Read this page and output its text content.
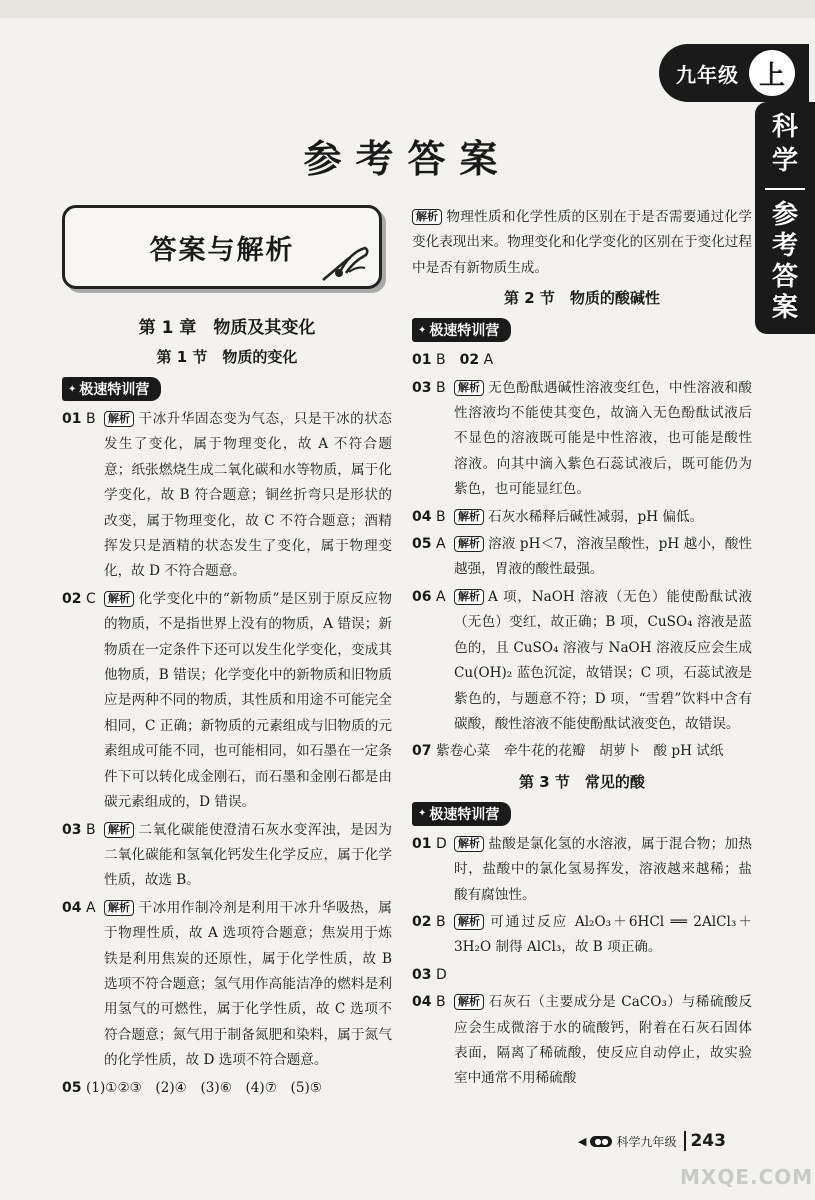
九年级 上
科
学
参
考
答
案
参考答案
答案与解析
第 1 章　物质及其变化
第 1 节　物质的变化
✦ 极速特训营
01 B	解析 干冰升华固态变为气态，只是干冰的状态发生了变化，属于物理变化，故 A 不符合题意；纸张燃烧生成二氧化碳和水等物质，属于化学变化，故 B 符合题意；铜丝折弯只是形状的改变，属于物理变化，故 C 不符合题意；酒精挥发只是酒精的状态发生了变化，属于物理变化，故 D 不符合题意。
02 C	解析 化学变化中的“新物质”是区别于原反应物的物质，不是指世界上没有的物质，A 错误；新物质在一定条件下还可以发生化学变化，变成其他物质，B 错误；化学变化中的新物质和旧物质应是两种不同的物质，其性质和用途不可能完全相同，C 正确；新物质的元素组成与旧物质的元素组成可能不同，也可能相同，如石墨在一定条件下可以转化成金刚石，而石墨和金刚石都是由碳元素组成的，D 错误。
03 B	解析 二氧化碳能使澄清石灰水变浑浊，是因为二氧化碳能和氢氧化钙发生化学反应，属于化学性质，故选 B。
04 A	解析 干冰用作制冷剂是利用干冰升华吸热，属于物理性质，故 A 选项符合题意；焦炭用于炼铁是利用焦炭的还原性，属于化学性质，故 B 选项不符合题意；氢气用作高能洁净的燃料是利用氢气的可燃性，属于化学性质，故 C 选项不符合题意；氮气用于制备氮肥和染料，属于氮气的化学性质，故 D 选项不符合题意。
05 (1)①②③　(2)④　(3)⑥　(4)⑦　(5)⑤
解析 物理性质和化学性质的区别在于是否需要通过化学变化表现出来。物理变化和化学变化的区别在于变化过程中是否有新物质生成。
第 2 节　物质的酸碱性
✦ 极速特训营
01 B 02 A
03 B	解析 无色酚酞遇碱性溶液变红色，中性溶液和酸性溶液均不能使其变色，故滴入无色酚酞试液后不显色的溶液既可能是中性溶液，也可能是酸性溶液。向其中滴入紫色石蕊试液后，既可能仍为紫色，也可能显红色。
04 B	解析 石灰水稀释后碱性减弱，pH 偏低。
05 A	解析 溶液 pH＜7，溶液呈酸性，pH 越小，酸性越强，胃液的酸性最强。
06 A	解析 A 项，NaOH 溶液（无色）能使酚酞试液（无色）变红，故正确；B 项，CuSO₄ 溶液是蓝色的，且 CuSO₄ 溶液与 NaOH 溶液反应会生成 Cu(OH)₂ 蓝色沉淀，故错误；C 项，石蕊试液是紫色的，与题意不符；D 项，“雪碧”饮料中含有碳酸，酸性溶液不能使酚酞试液变色，故错误。
07 紫卷心菜　牵牛花的花瓣　胡萝卜　酸 pH 试纸
第 3 节　常见的酸
✦ 极速特训营
01 D	解析 盐酸是氯化氢的水溶液，属于混合物；加热时，盐酸中的氯化氢易挥发，溶液越来越稀；盐酸有腐蚀性。
02 B	解析 可通过反应 Al₂O₃＋6HCl ══ 2AlCl₃＋3H₂O 制得 AlCl₃，故 B 项正确。
03 D
04 B	解析 石灰石（主要成分是 CaCO₃）与稀硫酸反应会生成微溶于水的硫酸钙，附着在石灰石固体表面，隔离了稀硫酸，使反应自动停止，故实验室中通常不用稀硫酸
◀	●● 科学九年级 243
MXQE.COM
